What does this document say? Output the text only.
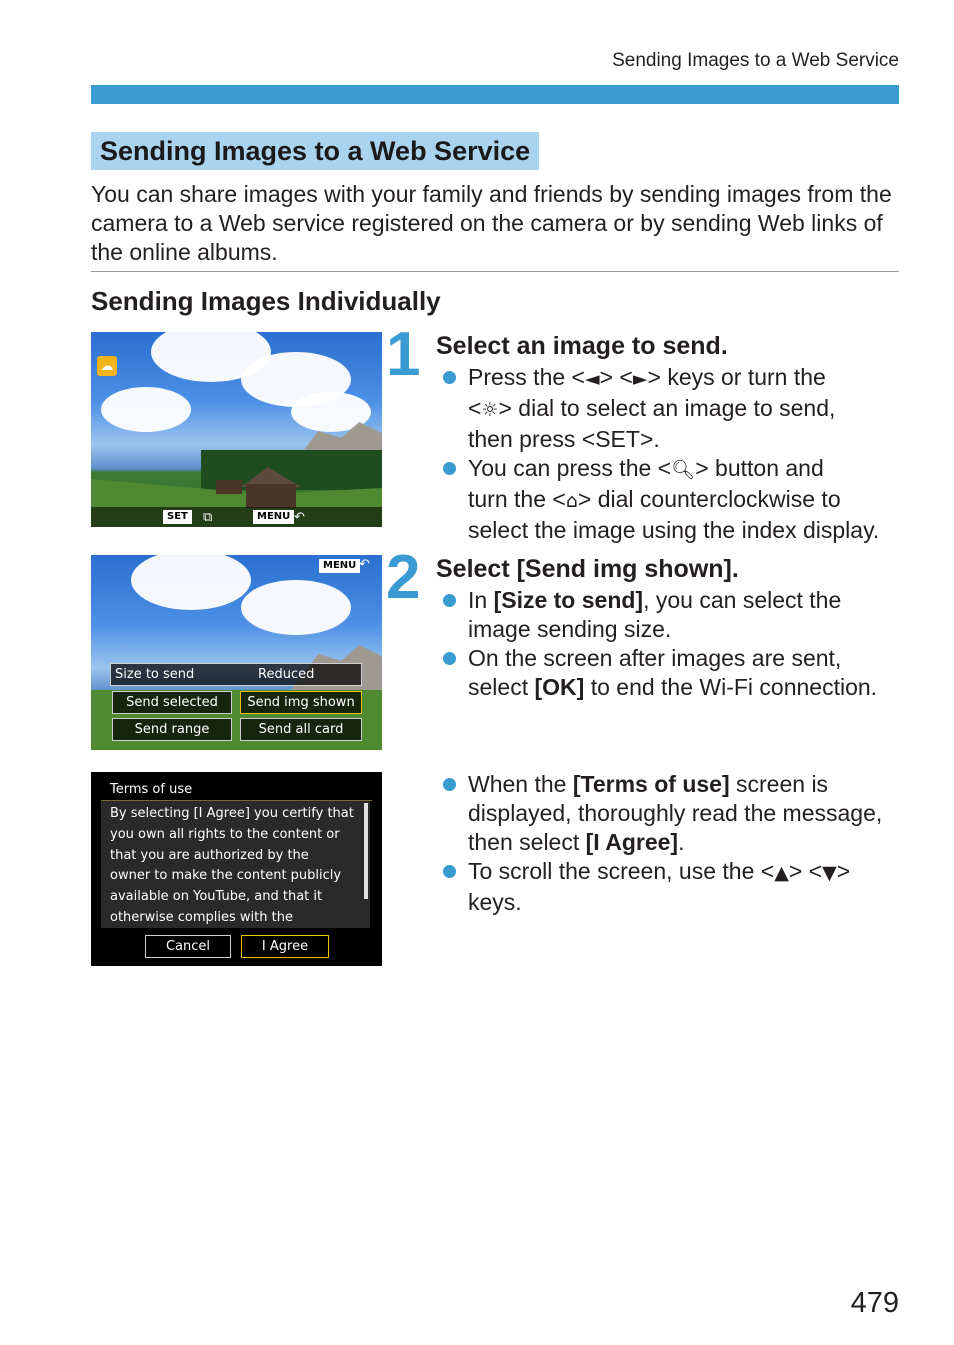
Sending Images to a Web Service
Sending Images to a Web Service
You can share images with your family and friends by sending images from the camera to a Web service registered on the camera or by sending Web links of the online albums.
Sending Images Individually
☁
SET	⧉	MENU ↶
MENU ↶
Size to send	Reduced
Send selected	Send img shown
Send range	Send all card
Terms of use
By selecting [I Agree] you certify that
you own all rights to the content or
that you are authorized by the
owner to make the content publicly
available on YouTube, and that it
otherwise complies with the
Cancel	I Agree
1 Select an image to send.
Press the <◄> <►> keys or turn the
<☼> dial to select an image to send,
then press <SET>.
You can press the <🔍︎> button and
turn the <⌂> dial counterclockwise to
select the image using the index display.
2 Select [Send img shown].
In [Size to send], you can select the
image sending size.
On the screen after images are sent,
select [OK] to end the Wi-Fi connection.
When the [Terms of use] screen is
displayed, thoroughly read the message,
then select [I Agree].
To scroll the screen, use the <▲> <▼>
keys.
479
